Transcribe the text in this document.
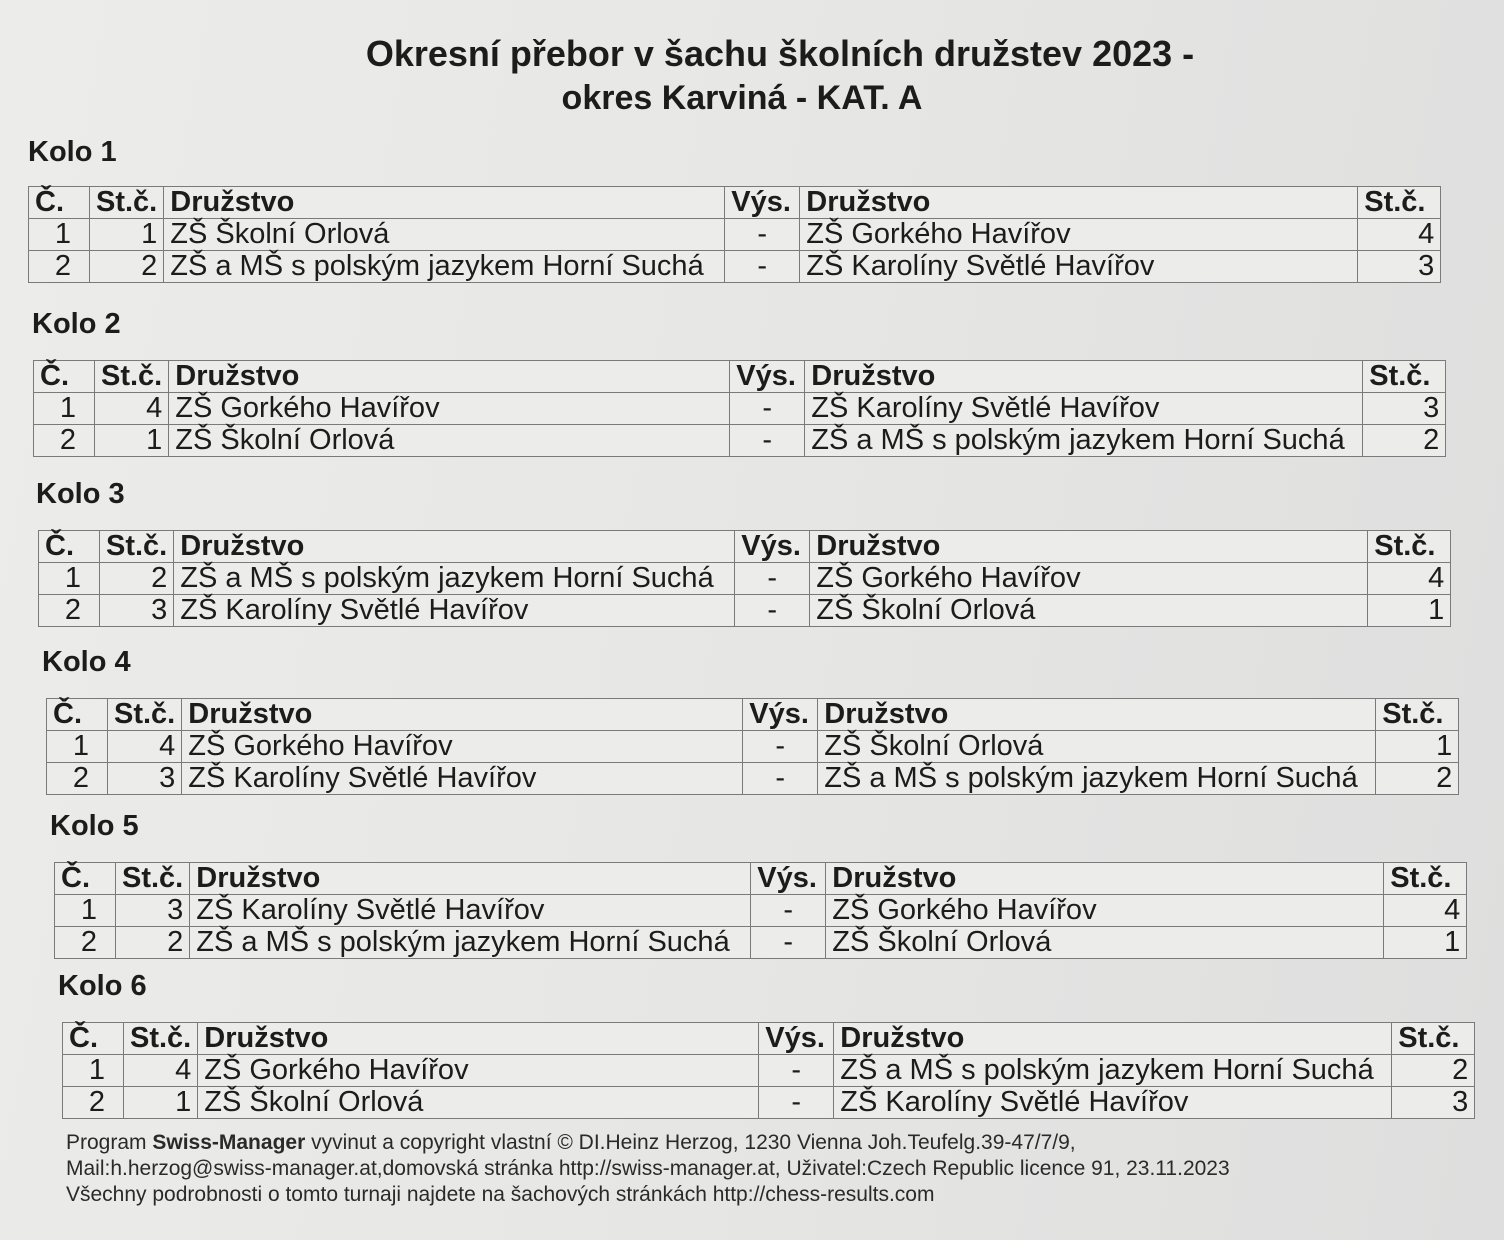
Okresní přebor v šachu školních družstev 2023 -
okres Karviná - KAT. A
Kolo 1
Č.	St.č.	Družstvo	Výs.	Družstvo	St.č.
1	1	ZŠ Školní Orlová	-	ZŠ Gorkého Havířov	4
2	2	ZŠ a MŠ s polským jazykem Horní Suchá	-	ZŠ Karolíny Světlé Havířov	3
Kolo 2
Č.	St.č.	Družstvo	Výs.	Družstvo	St.č.
1	4	ZŠ Gorkého Havířov	-	ZŠ Karolíny Světlé Havířov	3
2	1	ZŠ Školní Orlová	-	ZŠ a MŠ s polským jazykem Horní Suchá	2
Kolo 3
Č.	St.č.	Družstvo	Výs.	Družstvo	St.č.
1	2	ZŠ a MŠ s polským jazykem Horní Suchá	-	ZŠ Gorkého Havířov	4
2	3	ZŠ Karolíny Světlé Havířov	-	ZŠ Školní Orlová	1
Kolo 4
Č.	St.č.	Družstvo	Výs.	Družstvo	St.č.
1	4	ZŠ Gorkého Havířov	-	ZŠ Školní Orlová	1
2	3	ZŠ Karolíny Světlé Havířov	-	ZŠ a MŠ s polským jazykem Horní Suchá	2
Kolo 5
Č.	St.č.	Družstvo	Výs.	Družstvo	St.č.
1	3	ZŠ Karolíny Světlé Havířov	-	ZŠ Gorkého Havířov	4
2	2	ZŠ a MŠ s polským jazykem Horní Suchá	-	ZŠ Školní Orlová	1
Kolo 6
Č.	St.č.	Družstvo	Výs.	Družstvo	St.č.
1	4	ZŠ Gorkého Havířov	-	ZŠ a MŠ s polským jazykem Horní Suchá	2
2	1	ZŠ Školní Orlová	-	ZŠ Karolíny Světlé Havířov	3
Program Swiss-Manager vyvinut a copyright vlastní © DI.Heinz Herzog, 1230 Vienna Joh.Teufelg.39-47/7/9,
Mail:h.herzog@swiss-manager.at,domovská stránka http://swiss-manager.at, Uživatel:Czech Republic licence 91, 23.11.2023
Všechny podrobnosti o tomto turnaji najdete na šachových stránkách http://chess-results.com
